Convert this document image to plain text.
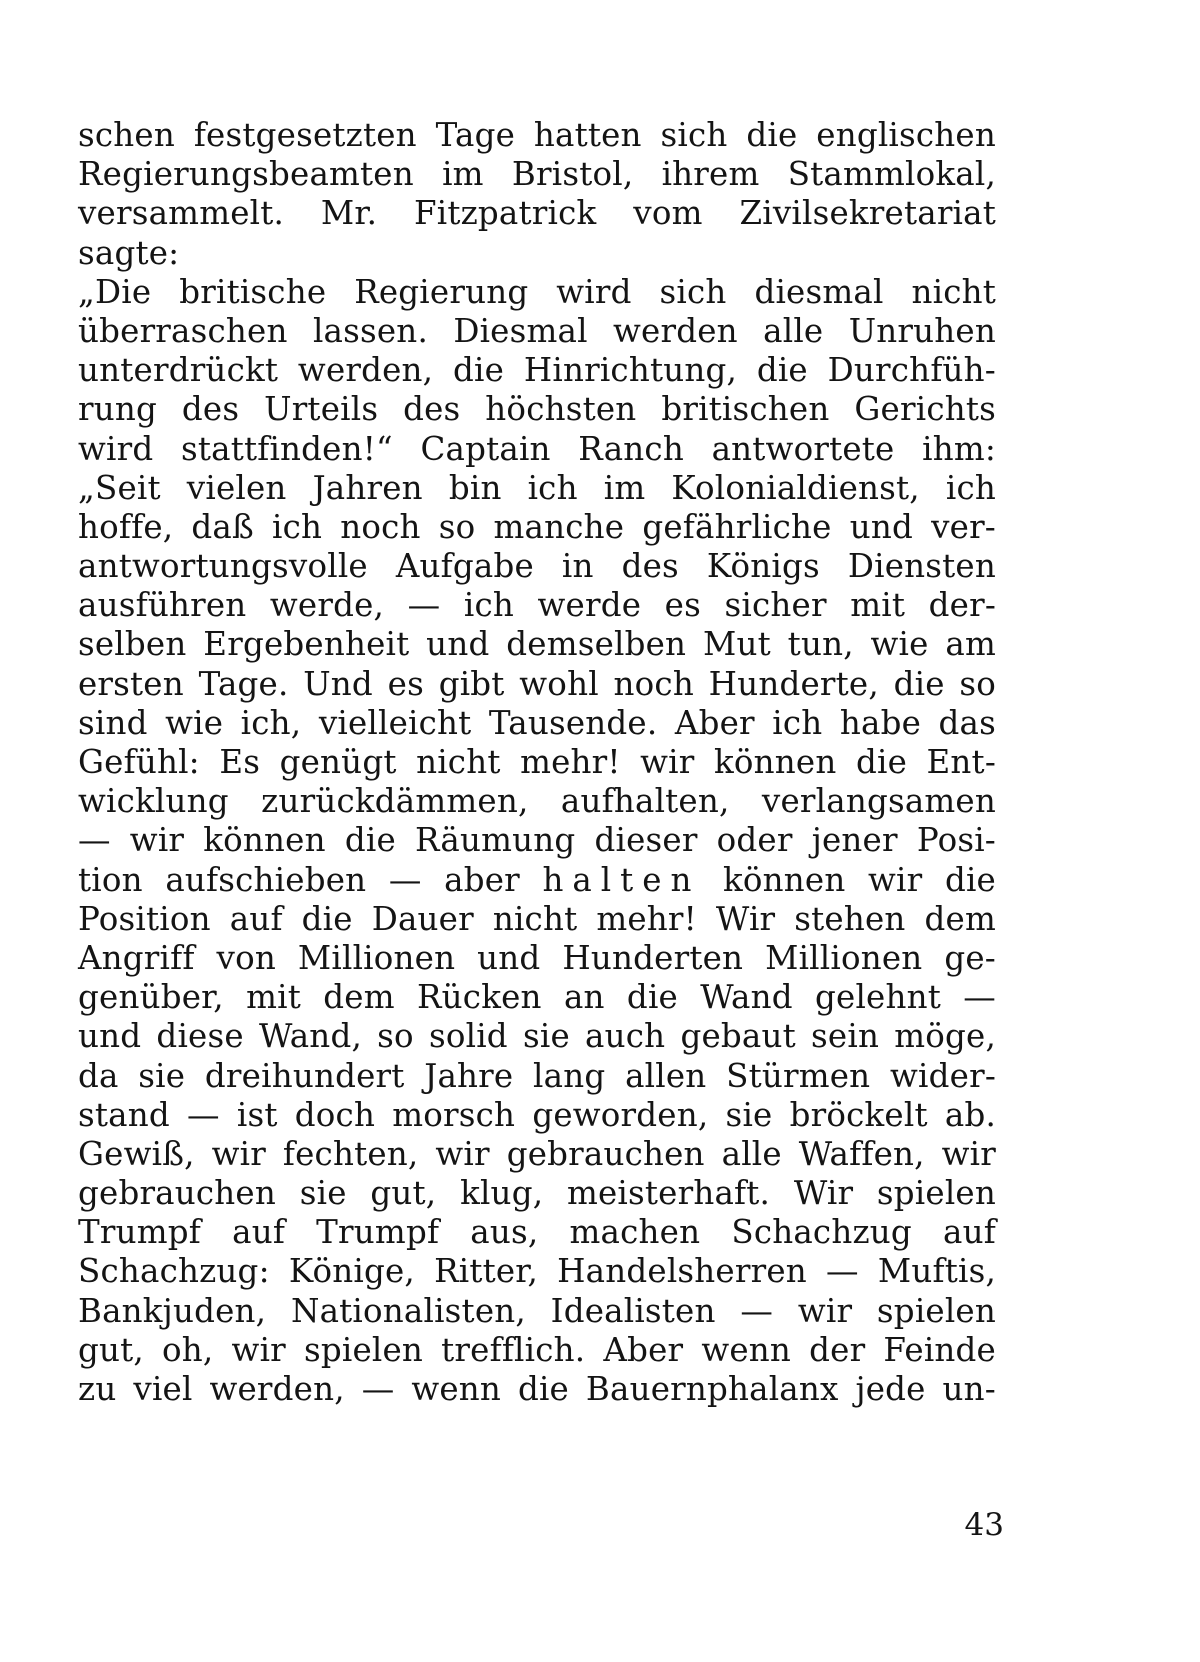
schen festgesetzten Tage hatten sich die englischen
Regierungsbeamten im Bristol, ihrem Stammlokal,
versammelt. Mr. Fitzpatrick vom Zivilsekretariat
sagte:
„Die britische Regierung wird sich diesmal nicht
überraschen lassen. Diesmal werden alle Unruhen
unterdrückt werden, die Hinrichtung, die Durchfüh-
rung des Urteils des höchsten britischen Gerichts
wird stattfinden!“ Captain Ranch antwortete ihm:
„Seit vielen Jahren bin ich im Kolonialdienst, ich
hoffe, daß ich noch so manche gefährliche und ver-
antwortungsvolle Aufgabe in des Königs Diensten
ausführen werde, — ich werde es sicher mit der-
selben Ergebenheit und demselben Mut tun, wie am
ersten Tage. Und es gibt wohl noch Hunderte, die so
sind wie ich, vielleicht Tausende. Aber ich habe das
Gefühl: Es genügt nicht mehr! wir können die Ent-
wicklung zurückdämmen, aufhalten, verlangsamen
— wir können die Räumung dieser oder jener Posi-
tion aufschieben — aber halten können wir die
Position auf die Dauer nicht mehr! Wir stehen dem
Angriff von Millionen und Hunderten Millionen ge-
genüber, mit dem Rücken an die Wand gelehnt —
und diese Wand, so solid sie auch gebaut sein möge,
da sie dreihundert Jahre lang allen Stürmen wider-
stand — ist doch morsch geworden, sie bröckelt ab.
Gewiß, wir fechten, wir gebrauchen alle Waffen, wir
gebrauchen sie gut, klug, meisterhaft. Wir spielen
Trumpf auf Trumpf aus, machen Schachzug auf
Schachzug: Könige, Ritter, Handelsherren — Muftis,
Bankjuden, Nationalisten, Idealisten — wir spielen
gut, oh, wir spielen trefflich. Aber wenn der Feinde
zu viel werden, — wenn die Bauernphalanx jede un-
43
